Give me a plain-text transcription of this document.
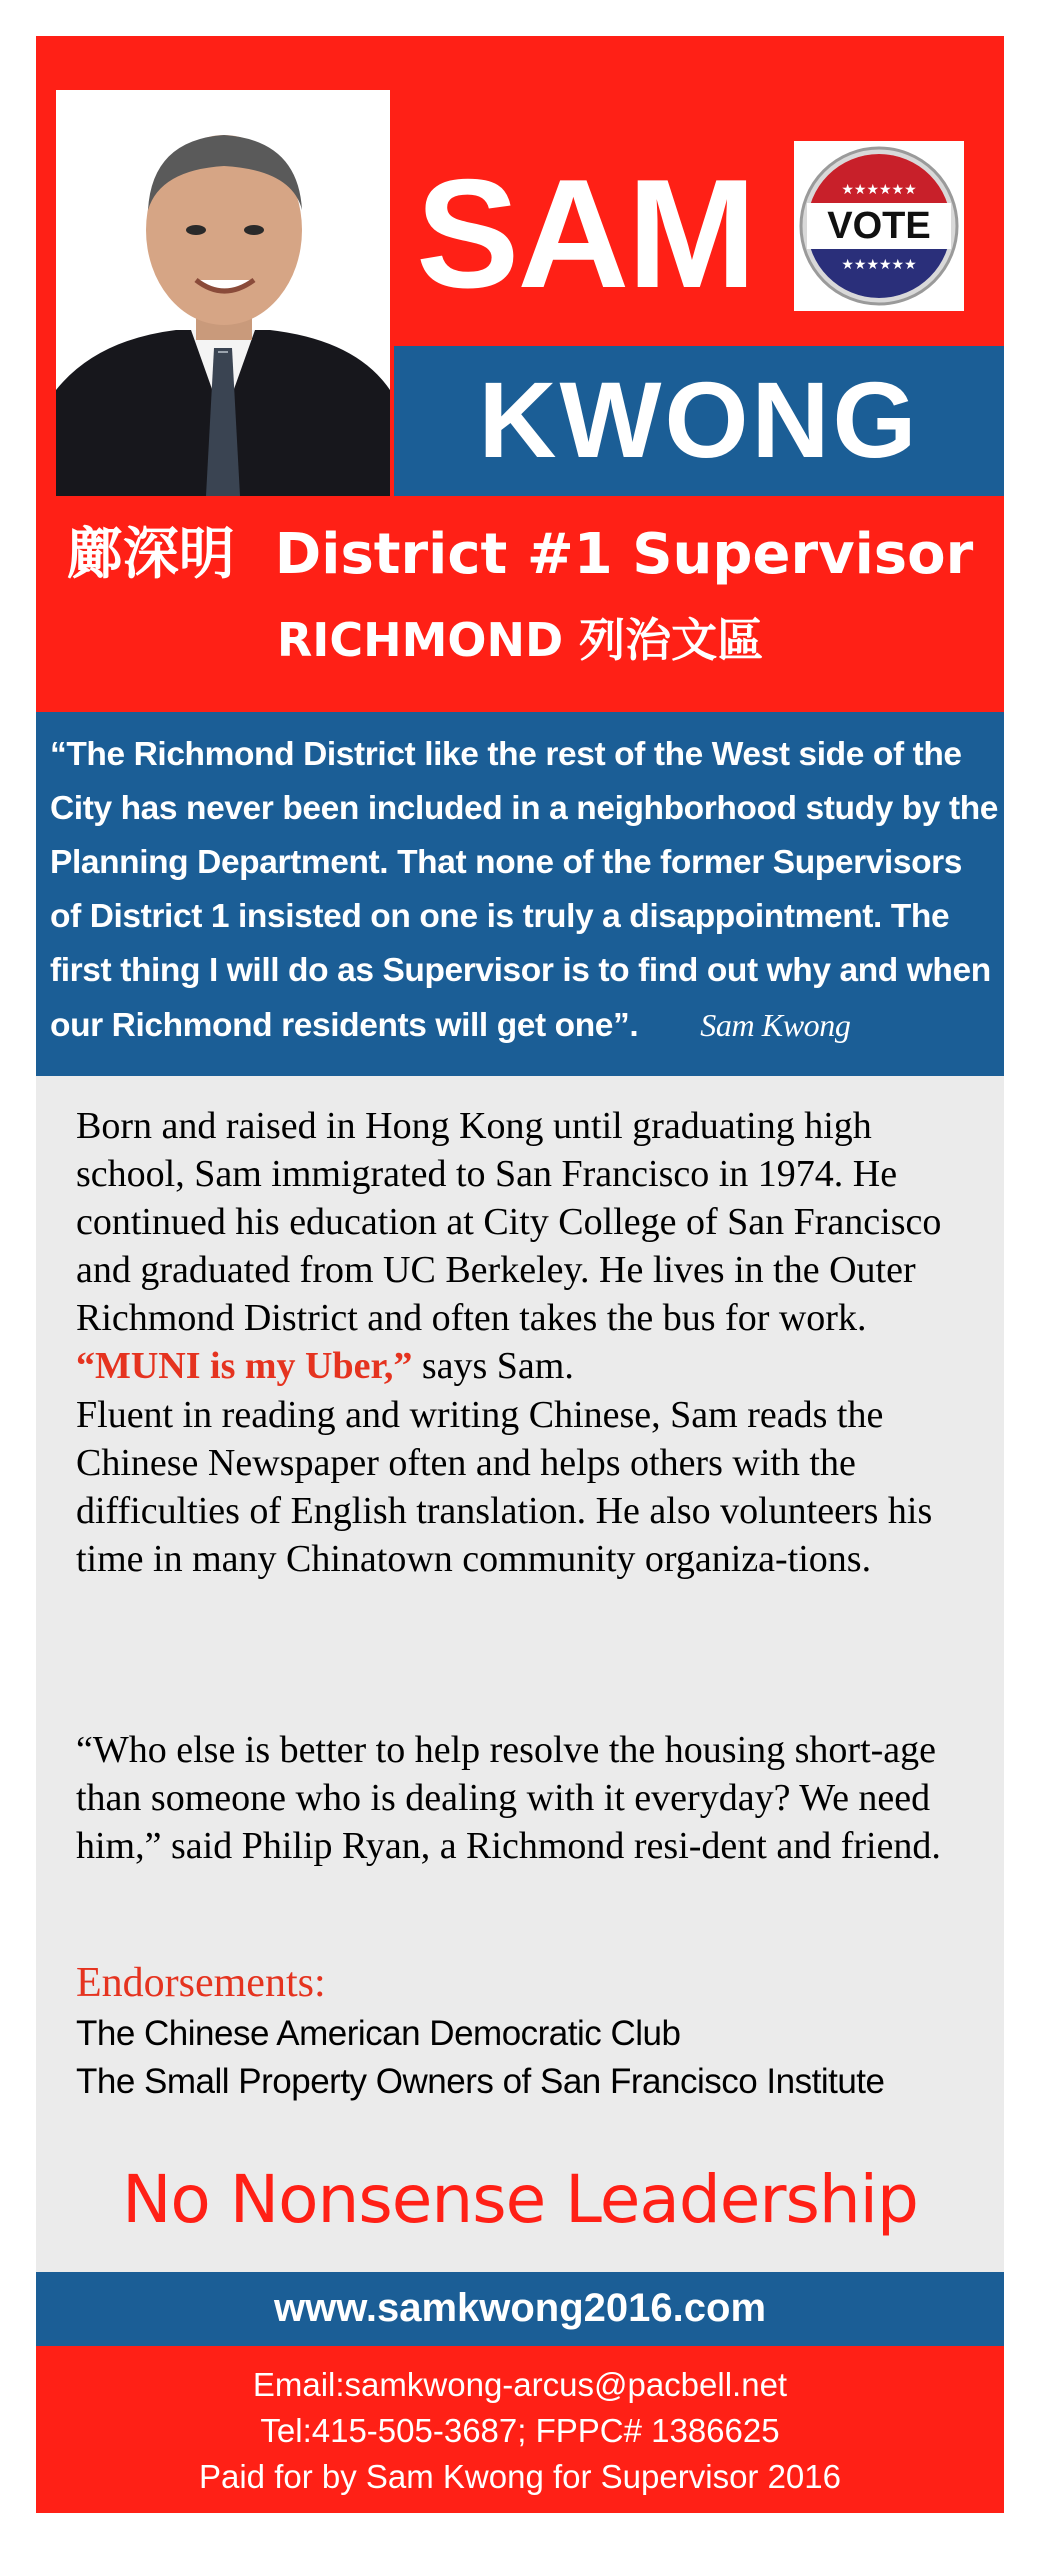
SAM	★★★★★★
★★★★★★
VOTE
KWONG
鄺深明 District #1 Supervisor
RICHMOND 列治文區
“The Richmond District like the rest of the West side of the City has never been included in a neighborhood study by the Planning Department. That none of the former Supervisors of District 1 insisted on one is truly a disappointment. The first thing I will do as Supervisor is to find out why and when our Richmond residents will get one”. Sam Kwong

Born and raised in Hong Kong until graduating high school, Sam immigrated to San Francisco in 1974. He continued his education at City College of San Francisco and graduated from UC Berkeley. He lives in the Outer Richmond District and often takes the bus for work. “MUNI is my Uber,” says Sam.

Fluent in reading and writing Chinese, Sam reads the Chinese Newspaper often and helps others with the difficulties of English translation. He also volunteers his time in many Chinatown community organiza-tions.

“Who else is better to help resolve the housing short-age than someone who is dealing with it everyday? We need him,” said Philip Ryan, a Richmond resi-dent and friend.

Endorsements:
The Chinese American Democratic Club
The Small Property Owners of San Francisco Institute
No Nonsense Leadership
www.samkwong2016.com
Email:samkwong-arcus@pacbell.net
Tel:415-505-3687; FPPC# 1386625
Paid for by Sam Kwong for Supervisor 2016
